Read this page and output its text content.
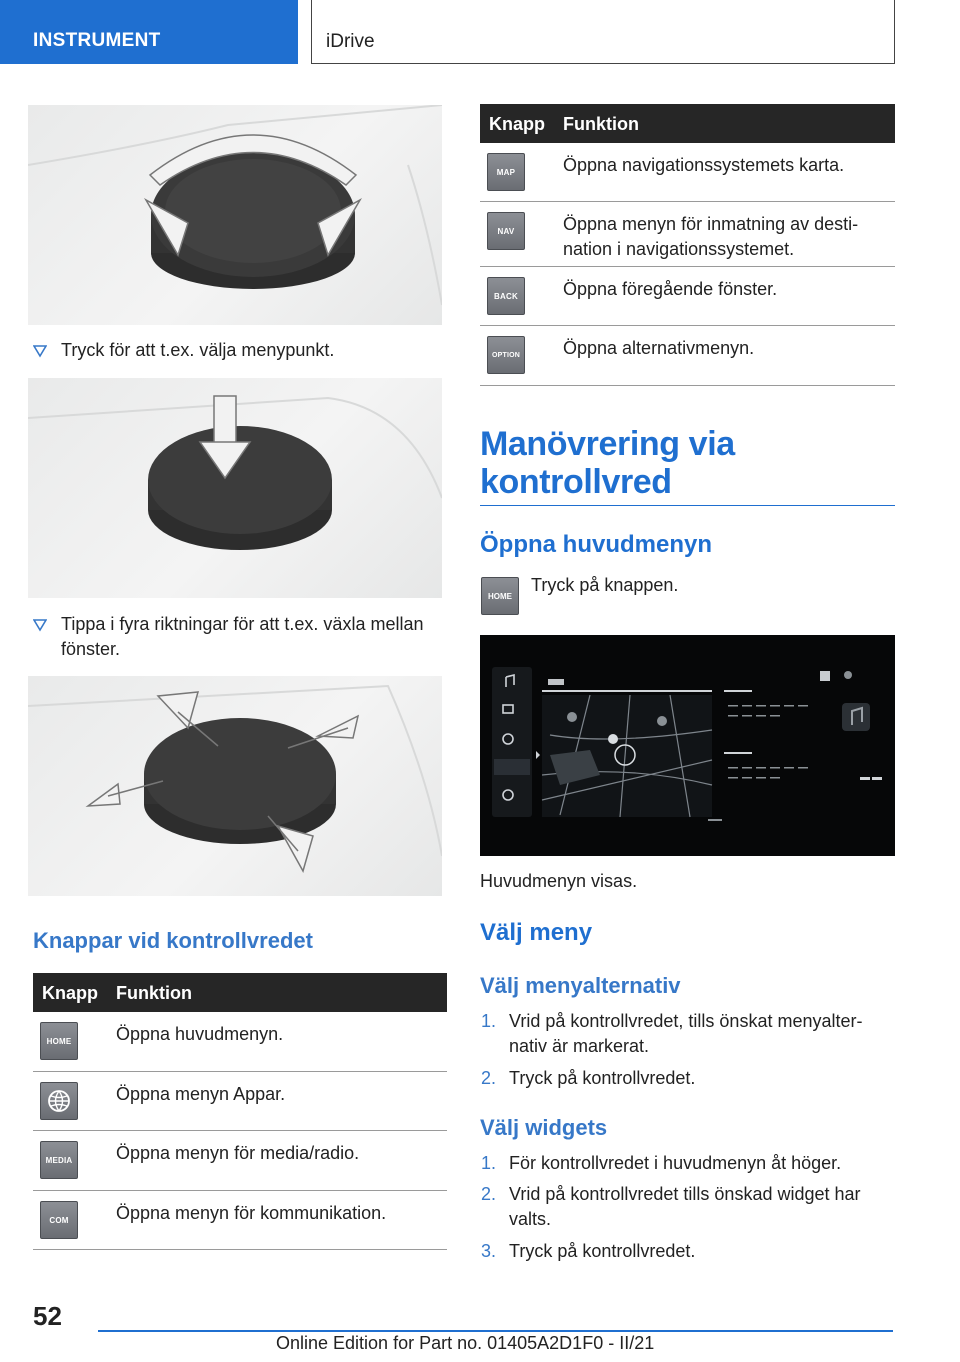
INSTRUMENT	iDrive
Tryck för att t.ex. välja menypunkt.
Tippa i fyra riktningar för att t.ex. växla mellan fönster.
Knappar vid kontrollvredet
Knapp Funktion
HOME	Öppna huvudmenyn.
Öppna menyn Appar.
MEDIA	Öppna menyn för media/radio.
COM	Öppna menyn för kommunikation.
Knapp Funktion
MAP	Öppna navigationssystemets karta.
NAV	Öppna menyn för inmatning av desti‐nation i navigationssystemet.
BACK	Öppna föregående fönster.
OPTION Öppna alternativmenyn.
Manövrering via kontrollvred
Öppna huvudmenyn
HOME
Tryck på knappen.
Huvudmenyn visas.
Välj meny
Välj menyalternativ
1. Vrid på kontrollvredet, tills önskat menyalter‐nativ är markerat.
2. Tryck på kontrollvredet.
Välj widgets
1. För kontrollvredet i huvudmenyn åt höger.
2. Vrid på kontrollvredet tills önskad widget har valts.
3. Tryck på kontrollvredet.
52
Online Edition for Part no. 01405A2D1F0 - II/21
